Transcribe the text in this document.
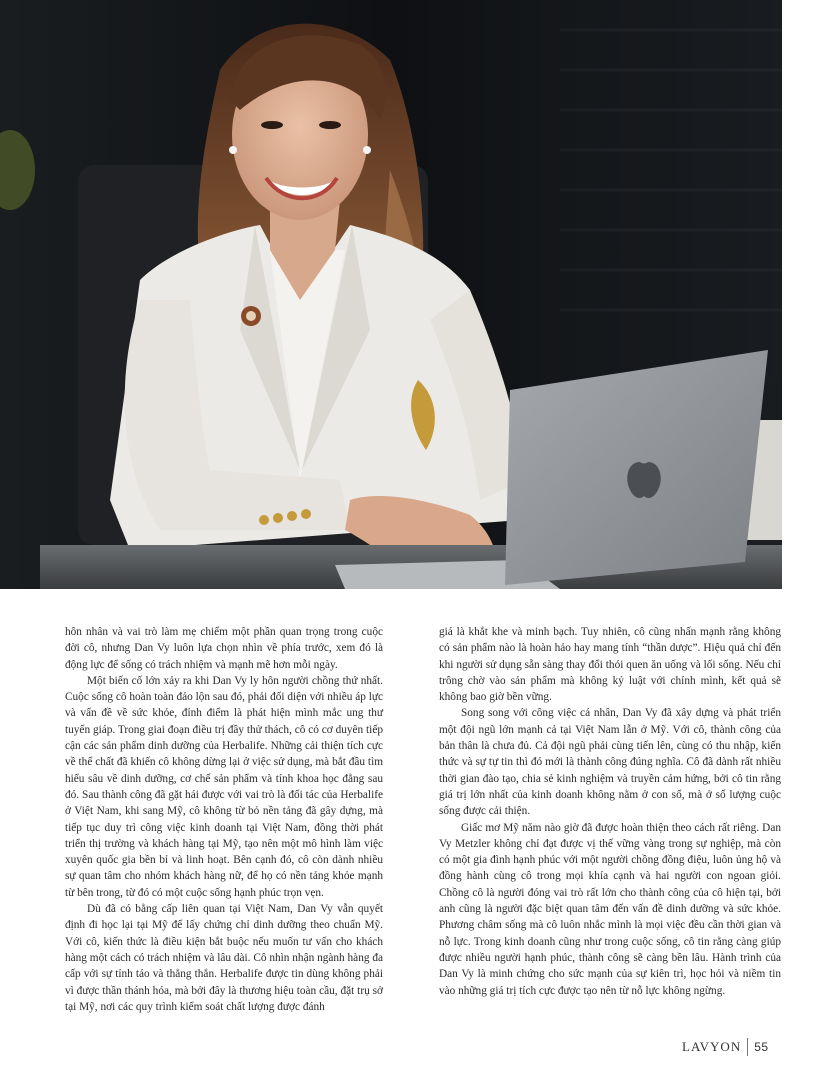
hôn nhân và vai trò làm mẹ chiếm một phần quan trọng trong cuộc đời cô, nhưng Dan Vy luôn lựa chọn nhìn về phía trước, xem đó là động lực để sống có trách nhiệm và mạnh mẽ hơn mỗi ngày.

Một biến cố lớn xảy ra khi Dan Vy ly hôn người chồng thứ nhất. Cuộc sống cô hoàn toàn đảo lộn sau đó, phải đối diện với nhiều áp lực và vấn đề về sức khỏe, đỉnh điểm là phát hiện mình mắc ung thư tuyến giáp. Trong giai đoạn điều trị đầy thử thách, cô có cơ duyên tiếp cận các sản phẩm dinh dưỡng của Herbalife. Những cải thiện tích cực về thể chất đã khiến cô không dừng lại ở việc sử dụng, mà bắt đầu tìm hiểu sâu về dinh dưỡng, cơ chế sản phẩm và tính khoa học đằng sau đó. Sau thành công đã gặt hái được với vai trò là đối tác của Herbalife ở Việt Nam, khi sang Mỹ, cô không từ bỏ nền tảng đã gây dựng, mà tiếp tục duy trì công việc kinh doanh tại Việt Nam, đồng thời phát triển thị trường và khách hàng tại Mỹ, tạo nên một mô hình làm việc xuyên quốc gia bền bỉ và linh hoạt. Bên cạnh đó, cô còn dành nhiều sự quan tâm cho nhóm khách hàng nữ, để họ có nền tảng khỏe mạnh từ bên trong, từ đó có một cuộc sống hạnh phúc trọn vẹn.

Dù đã có bằng cấp liên quan tại Việt Nam, Dan Vy vẫn quyết định đi học lại tại Mỹ để lấy chứng chỉ dinh dưỡng theo chuẩn Mỹ. Với cô, kiến thức là điều kiện bắt buộc nếu muốn tư vấn cho khách hàng một cách có trách nhiệm và lâu dài. Cô nhìn nhận ngành hàng đa cấp với sự tỉnh táo và thẳng thắn. Herbalife được tin dùng không phải vì được thần thánh hóa, mà bởi đây là thương hiệu toàn cầu, đặt trụ sở tại Mỹ, nơi các quy trình kiểm soát chất lượng được đánh

giá là khắt khe và minh bạch. Tuy nhiên, cô cũng nhấn mạnh rằng không có sản phẩm nào là hoàn hảo hay mang tính “thần dược”. Hiệu quả chỉ đến khi người sử dụng sẵn sàng thay đổi thói quen ăn uống và lối sống. Nếu chỉ trông chờ vào sản phẩm mà không kỷ luật với chính mình, kết quả sẽ không bao giờ bền vững.

Song song với công việc cá nhân, Dan Vy đã xây dựng và phát triển một đội ngũ lớn mạnh cả tại Việt Nam lẫn ở Mỹ. Với cô, thành công của bản thân là chưa đủ. Cả đội ngũ phải cùng tiến lên, cùng có thu nhập, kiến thức và sự tự tin thì đó mới là thành công đúng nghĩa. Cô đã dành rất nhiều thời gian đào tạo, chia sẻ kinh nghiệm và truyền cảm hứng, bởi cô tin rằng giá trị lớn nhất của kinh doanh không nằm ở con số, mà ở số lượng cuộc sống được cải thiện.

Giấc mơ Mỹ năm nào giờ đã được hoàn thiện theo cách rất riêng. Dan Vy Metzler không chỉ đạt được vị thế vững vàng trong sự nghiệp, mà còn có một gia đình hạnh phúc với một người chồng đồng điệu, luôn ủng hộ và đồng hành cùng cô trong mọi khía cạnh và hai người con ngoan giỏi. Chồng cô là người đóng vai trò rất lớn cho thành công của cô hiện tại, bởi anh cũng là người đặc biệt quan tâm đến vấn đề dinh dưỡng và sức khỏe. Phương châm sống mà cô luôn nhắc mình là mọi việc đều cần thời gian và nỗ lực. Trong kinh doanh cũng như trong cuộc sống, cô tin rằng càng giúp được nhiều người hạnh phúc, thành công sẽ càng bền lâu. Hành trình của Dan Vy là minh chứng cho sức mạnh của sự kiên trì, học hỏi và niềm tin vào những giá trị tích cực được tạo nên từ nỗ lực không ngừng.

LAVYON 55
